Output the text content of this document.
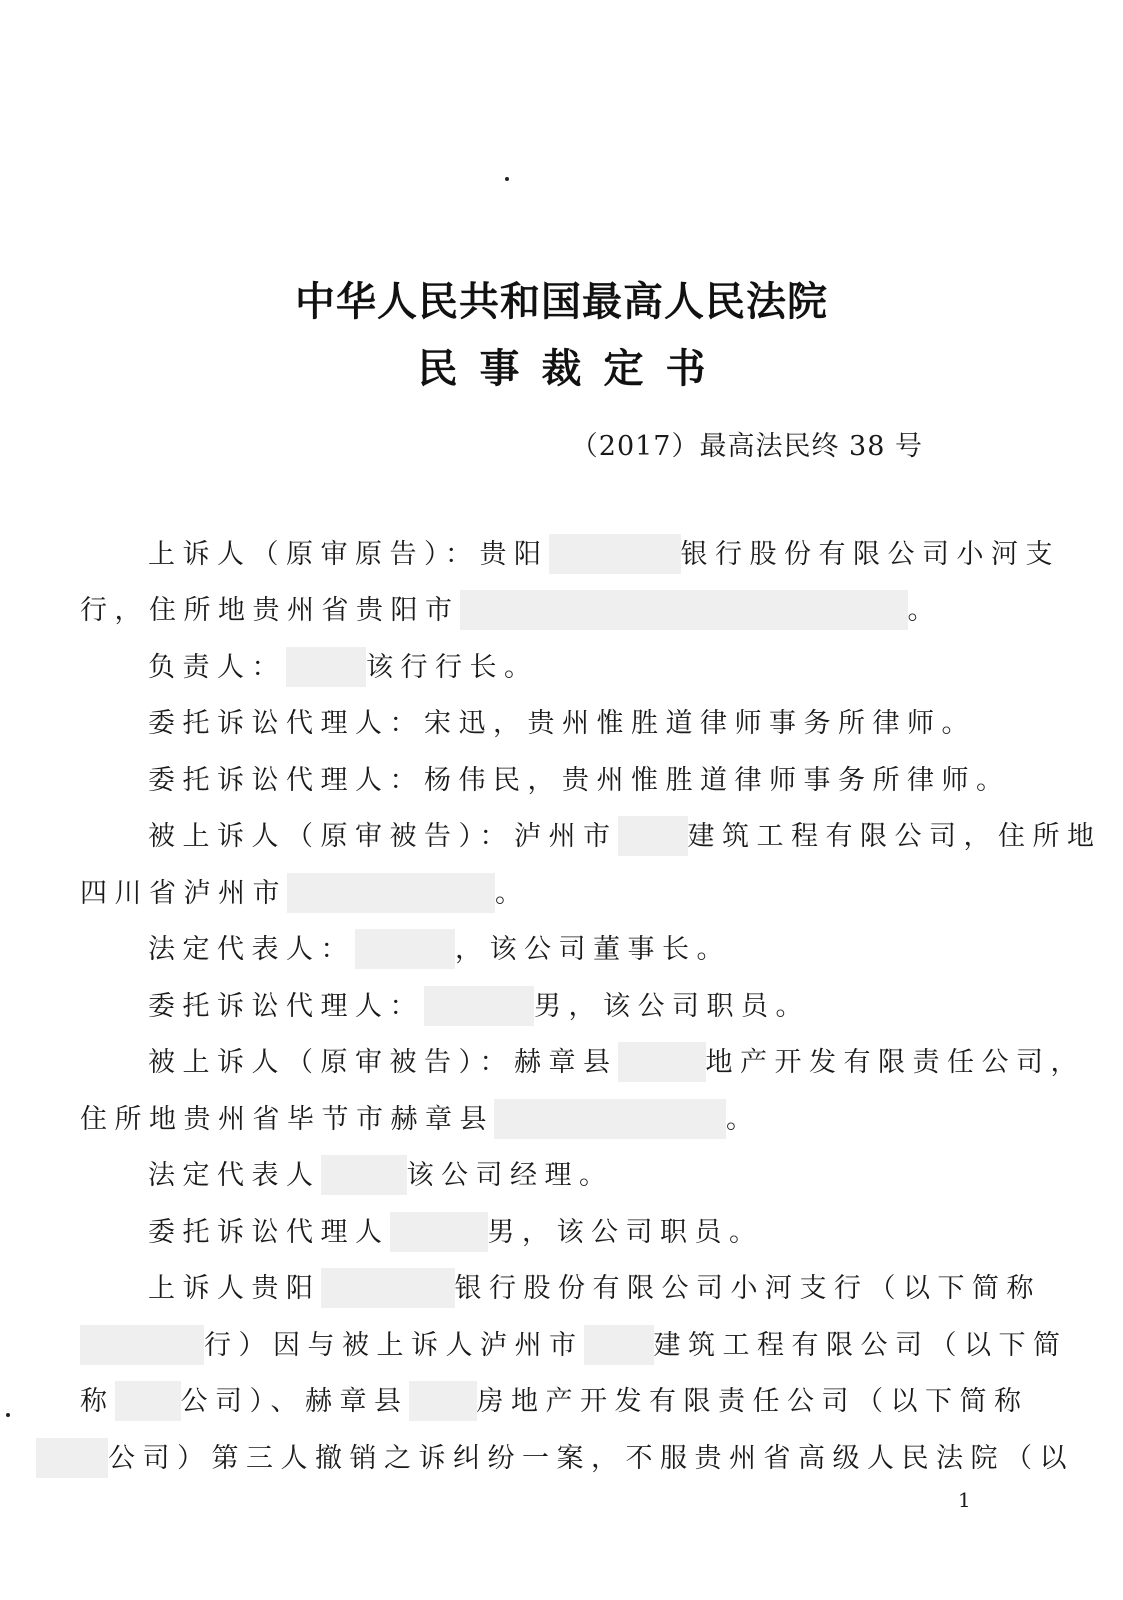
中华人民共和国最高人民法院
民事裁定书
（2017）最高法民终 38 号
上诉人（原审原告）：贵阳	银行股份有限公司小河支
行，住所地贵州省贵阳市	。
负责人：	该行行长。
委托诉讼代理人：宋迅，贵州惟胜道律师事务所律师。
委托诉讼代理人：杨伟民，贵州惟胜道律师事务所律师。
被上诉人（原审被告）：泸州市	建筑工程有限公司，住所地
四川省泸州市	。
法定代表人：	，该公司董事长。
委托诉讼代理人：	男，该公司职员。
被上诉人（原审被告）：赫章县	地产开发有限责任公司，
住所地贵州省毕节市赫章县	。
法定代表人	该公司经理。
委托诉讼代理人	男，该公司职员。
上诉人贵阳	银行股份有限公司小河支行（以下简称
行）因与被上诉人泸州市	建筑工程有限公司（以下简
称 公司）、赫章县	房地产开发有限责任公司（以下简称
公司）第三人撤销之诉纠纷一案，不服贵州省高级人民法院（以
1
